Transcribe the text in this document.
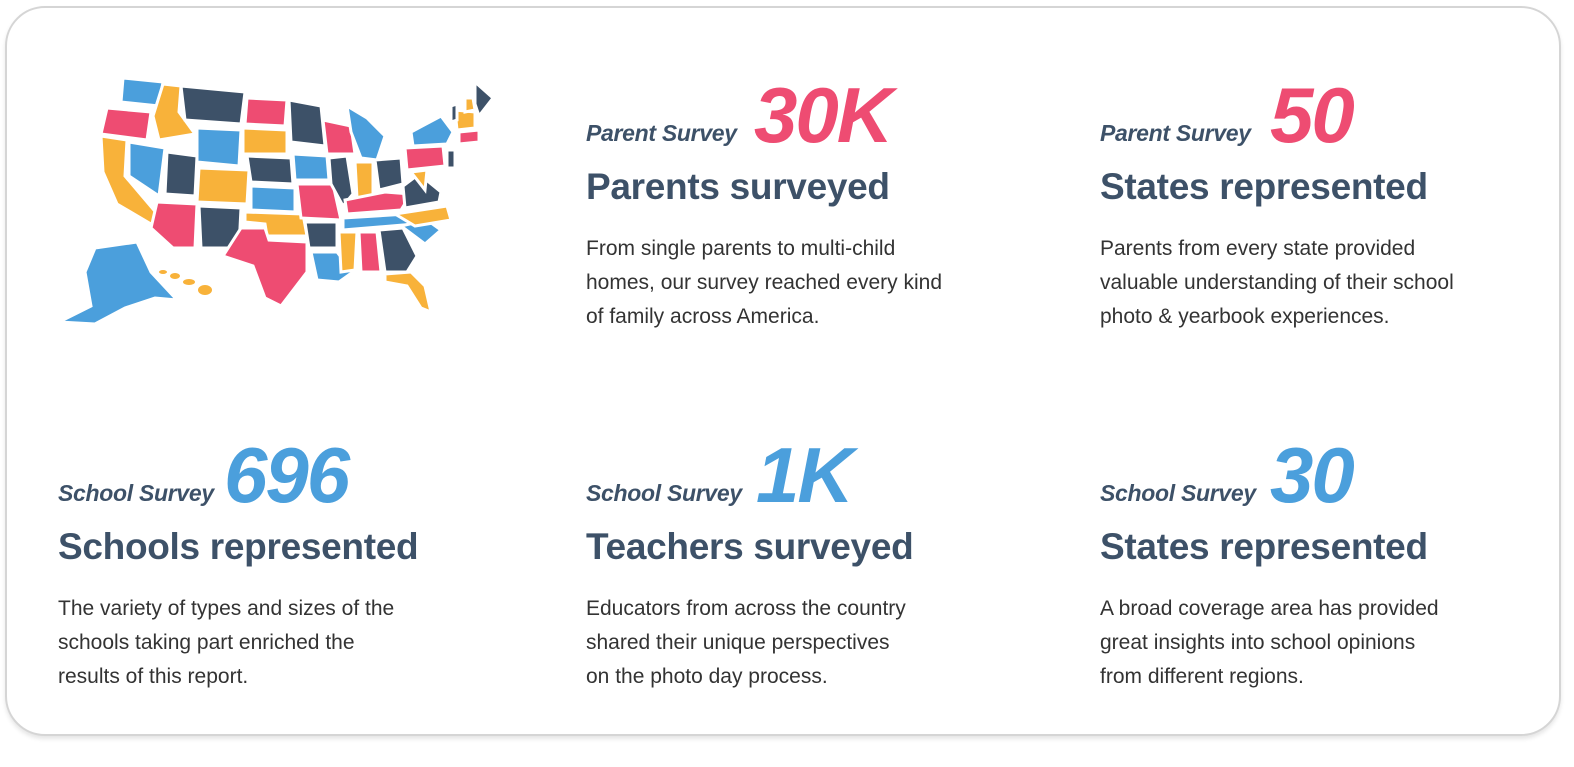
Parent Survey 30K
Parents surveyed
From single parents to multi-child
homes, our survey reached every kind
of family across America.
Parent Survey 50
States represented
Parents from every state provided
valuable understanding of their school
photo & yearbook experiences.
School Survey 696
Schools represented
The variety of types and sizes of the
schools taking part enriched the
results of this report.
School Survey 1K
Teachers surveyed
Educators from across the country
shared their unique perspectives
on the photo day process.
School Survey 30
States represented
A broad coverage area has provided
great insights into school opinions
from different regions.
